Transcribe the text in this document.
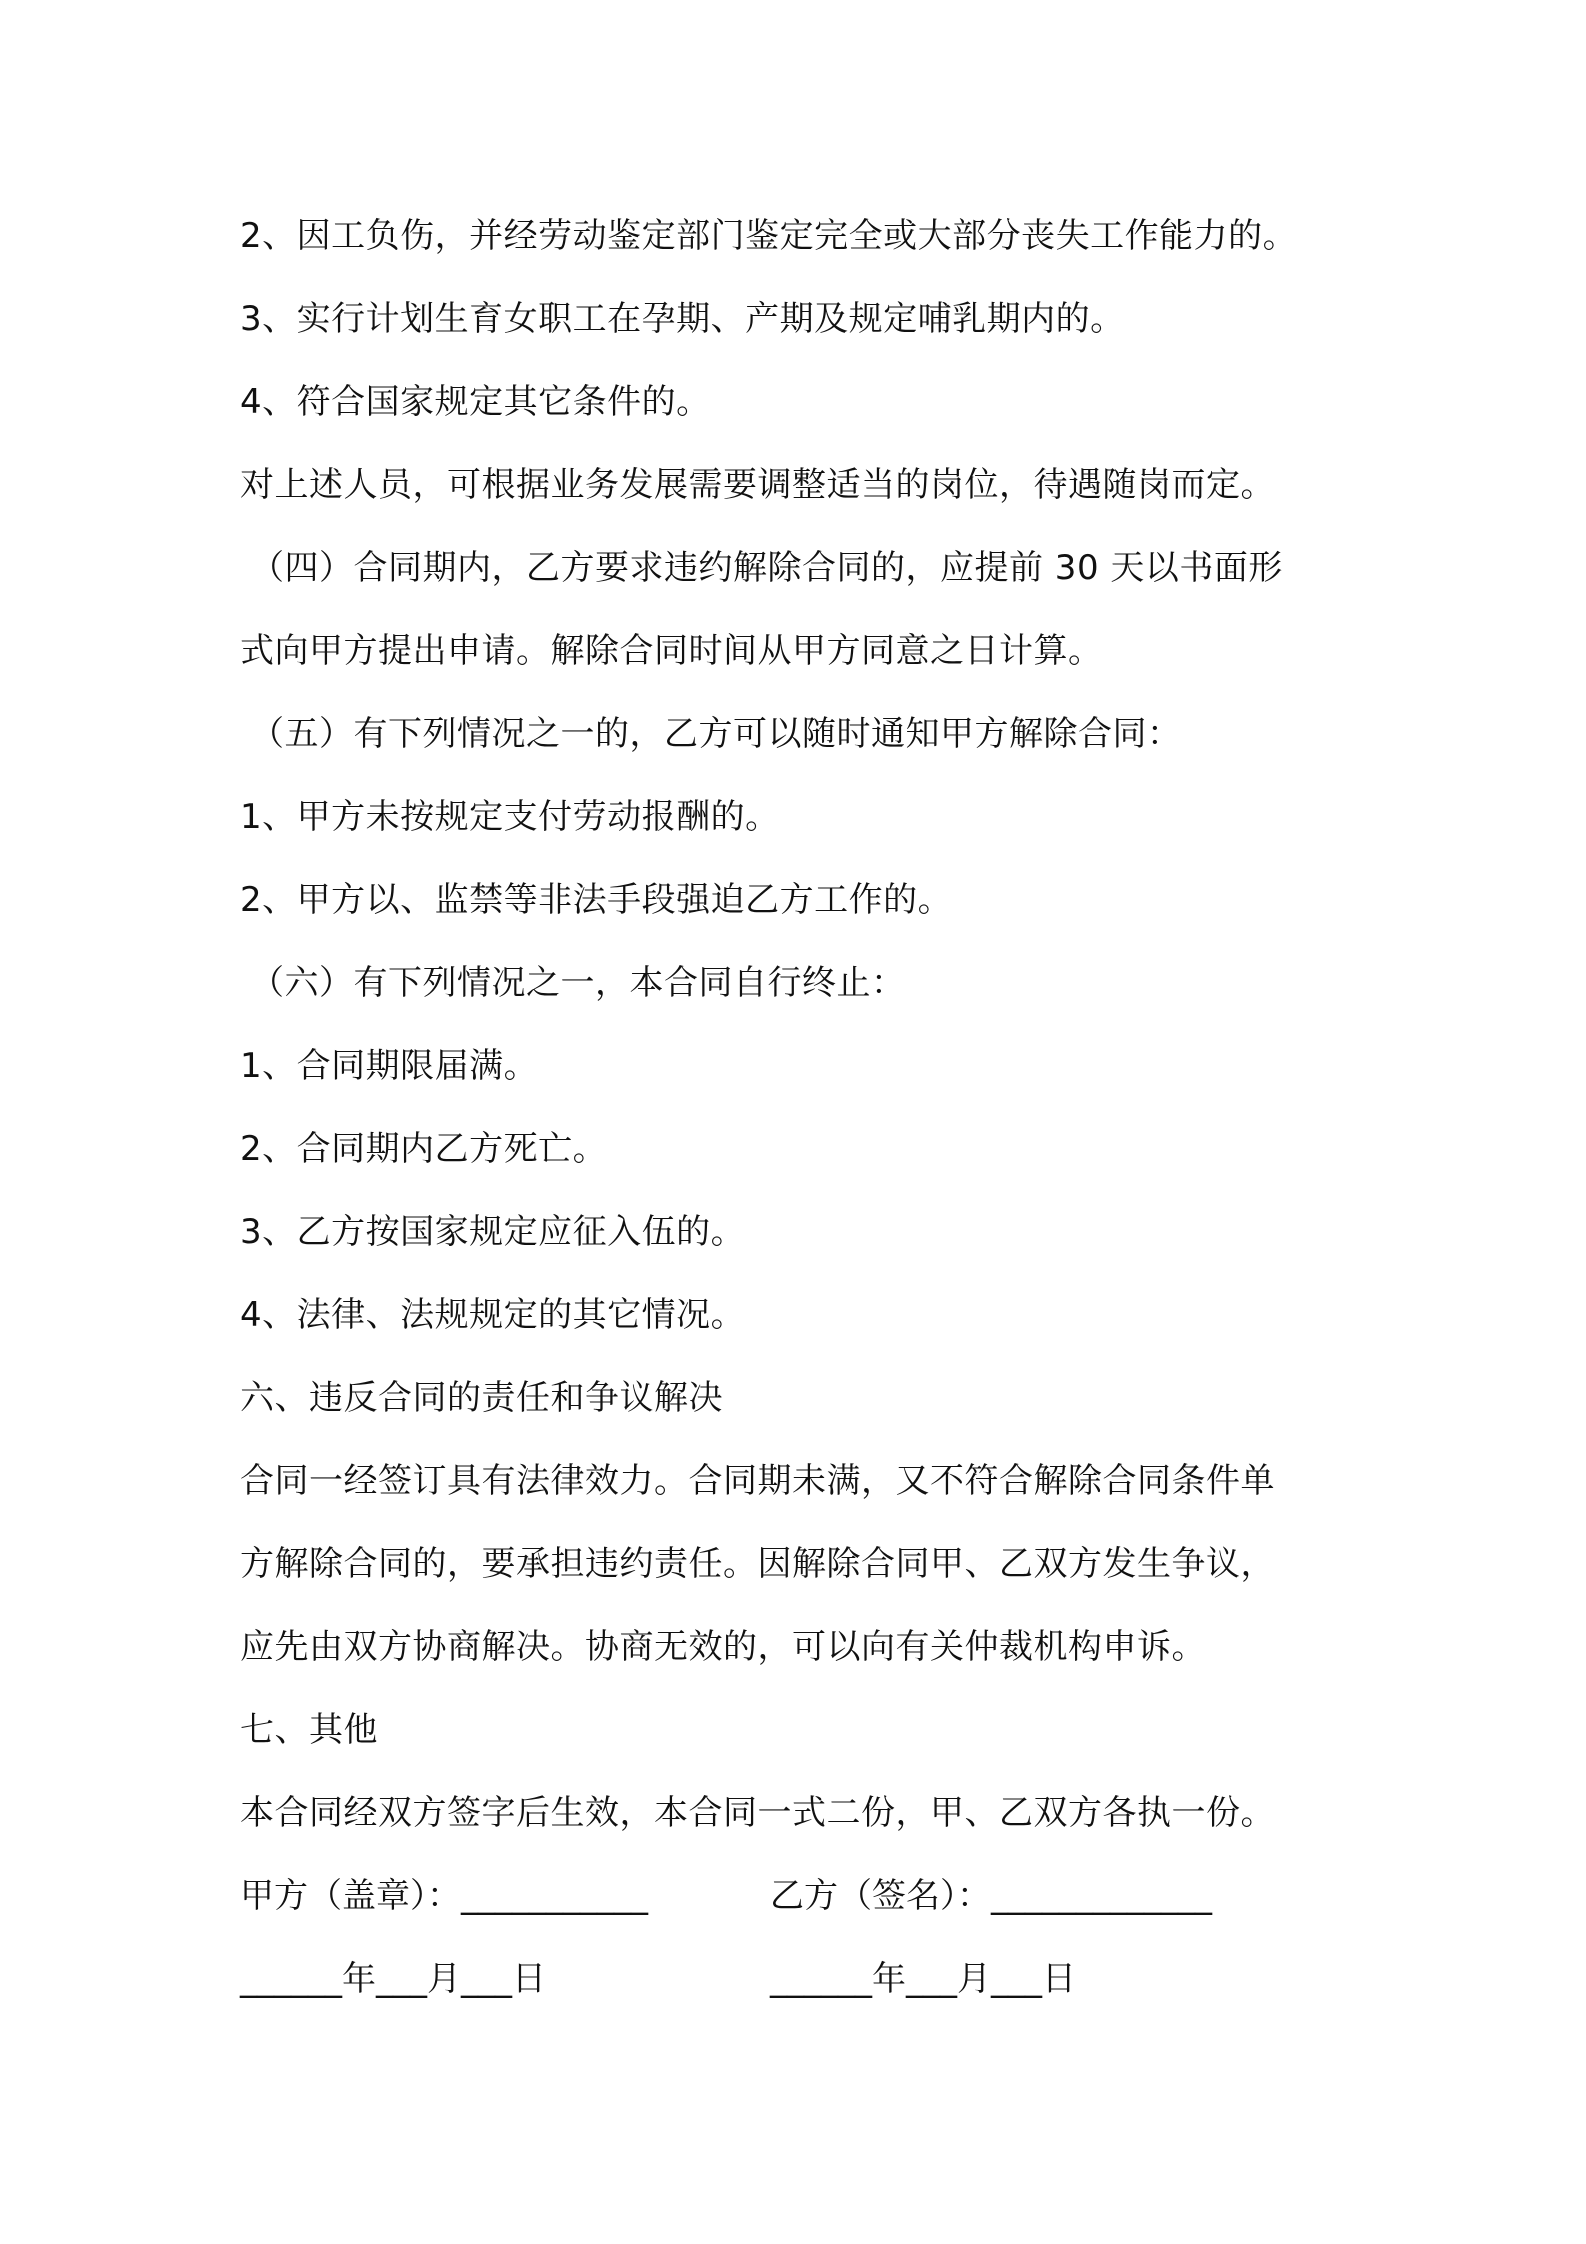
2、因工负伤，并经劳动鉴定部门鉴定完全或大部分丧失工作能力的。
3、实行计划生育女职工在孕期、产期及规定哺乳期内的。
4、符合国家规定其它条件的。
对上述人员，可根据业务发展需要调整适当的岗位，待遇随岗而定。
（四）合同期内，乙方要求违约解除合同的，应提前 30 天以书面形
式向甲方提出申请。解除合同时间从甲方同意之日计算。
（五）有下列情况之一的，乙方可以随时通知甲方解除合同：
1、甲方未按规定支付劳动报酬的。
2、甲方以、监禁等非法手段强迫乙方工作的。
（六）有下列情况之一，本合同自行终止：
1、合同期限届满。
2、合同期内乙方死亡。
3、乙方按国家规定应征入伍的。
4、法律、法规规定的其它情况。
六、违反合同的责任和争议解决
合同一经签订具有法律效力。合同期未满，又不符合解除合同条件单
方解除合同的，要承担违约责任。因解除合同甲、乙双方发生争议，
应先由双方协商解决。协商无效的，可以向有关仲裁机构申诉。
七、其他
本合同经双方签字后生效，本合同一式二份，甲、乙双方各执一份。
甲方（盖章）：___________	乙方（签名）：_____________
______年___月___日	______年___月___日
